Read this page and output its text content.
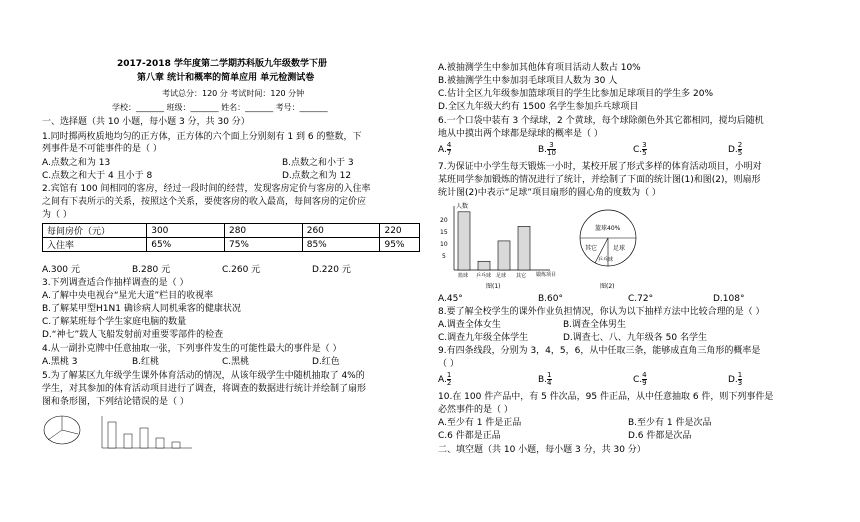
2017-2018 学年度第二学期苏科版九年级数学下册
第八章 统计和概率的简单应用 单元检测试卷
考试总分：120 分 考试时间：120 分钟
学校：_______ 班级：_______ 姓名：_______ 考号：_______
一、选择题（共 10 小题，每小题 3 分，共 30 分）
1.同时掷两枚质地均匀的正方体，正方体的六个面上分别刻有 1 到 6 的整数，下
列事件是不可能事件的是（ ）
A.点数之和为 13	B.点数之和小于 3
C.点数之和大于 4 且小于 8	D.点数之和为 12
2.宾馆有 100 间相同的客房，经过一段时间的经营，发现客房定价与客房的入住率
之间有下表所示的关系，按照这个关系，要使客房的收入最高，每间客房的定价应
为（ ）
每间房价（元）	300	280	260	220
入住率	65%	75%	85%	95%
A.300 元	B.280 元	C.260 元	D.220 元
3.下列调查适合作抽样调查的是（ ）
A.了解中央电视台“星光大道”栏目的收视率
B.了解某甲型H1N1 确诊病人同机乘客的健康状况
C.了解某班每个学生家庭电脑的数量
D.“神七”载人飞船发射前对重要零部件的检查
4.从一副扑克牌中任意抽取一张，下列事件发生的可能性最大的事件是（ ）
A.黑桃 3	B.红桃	C.黑桃	D.红色
5.为了解某区九年级学生课外体育活动的情况，从该年级学生中随机抽取了 4%的
学生，对其参加的体育活动项目进行了调查，将调查的数据进行统计并绘制了扇形
图和条形图，下列结论错误的是（ ）
A.被抽测学生中参加其他体育项目活动人数占 10%
B.被抽测学生中参加羽毛球项目人数为 30 人
C.估计全区九年级参加篮球项目的学生比参加足球项目的学生多 20%
D.全区九年级大约有 1500 名学生参加乒乓球项目
6.一个口袋中装有 3 个绿球，2 个黄球，每个球除颜色外其它都相同，搅均后随机
地从中摸出两个球都是绿球的概率是（ ）
A. $\frac{4}{7}$	B. $\frac{3}{10}$	C. $\frac{3}{5}$	D. $\frac{2}{5}$
7.为保证中小学生每天锻炼一小时，某校开展了形式多样的体育活动项目，小明对
某班同学参加锻炼的情况进行了统计，并绘制了下面的统计图(1)和图(2)，则扇形
统计图(2)中表示“足球”项目扇形的圆心角的度数为（ ）
人数
锻炼项目
20
15
10
5
篮球 乒乓球 足球 其它
图(1)
篮球40%
其它	足球
乒乓球
图(2)
A.45°	B.60°	C.72°	D.108°
8.要了解全校学生的课外作业负担情况，你认为以下抽样方法中比较合理的是（ ）
A.调查全体女生	B.调查全体男生
C.调查九年级全体学生	D.调查七、八、九年级各 50 名学生
9.有四条线段，分别为 3，4，5，6，从中任取三条，能够成直角三角形的概率是
（ ）
A. $\frac{1}{2}$	B. $\frac{1}{4}$	C. $\frac{4}{9}$	D. $\frac{1}{3}$
10.在 100 件产品中，有 5 件次品，95 件正品，从中任意抽取 6 件，则下列事件是
必然事件的是（ ）
A.至少有 1 件是正品	B.至少有 1 件是次品
C.6 件都是正品	D.6 件都是次品
二、填空题（共 10 小题，每小题 3 分，共 30 分）
